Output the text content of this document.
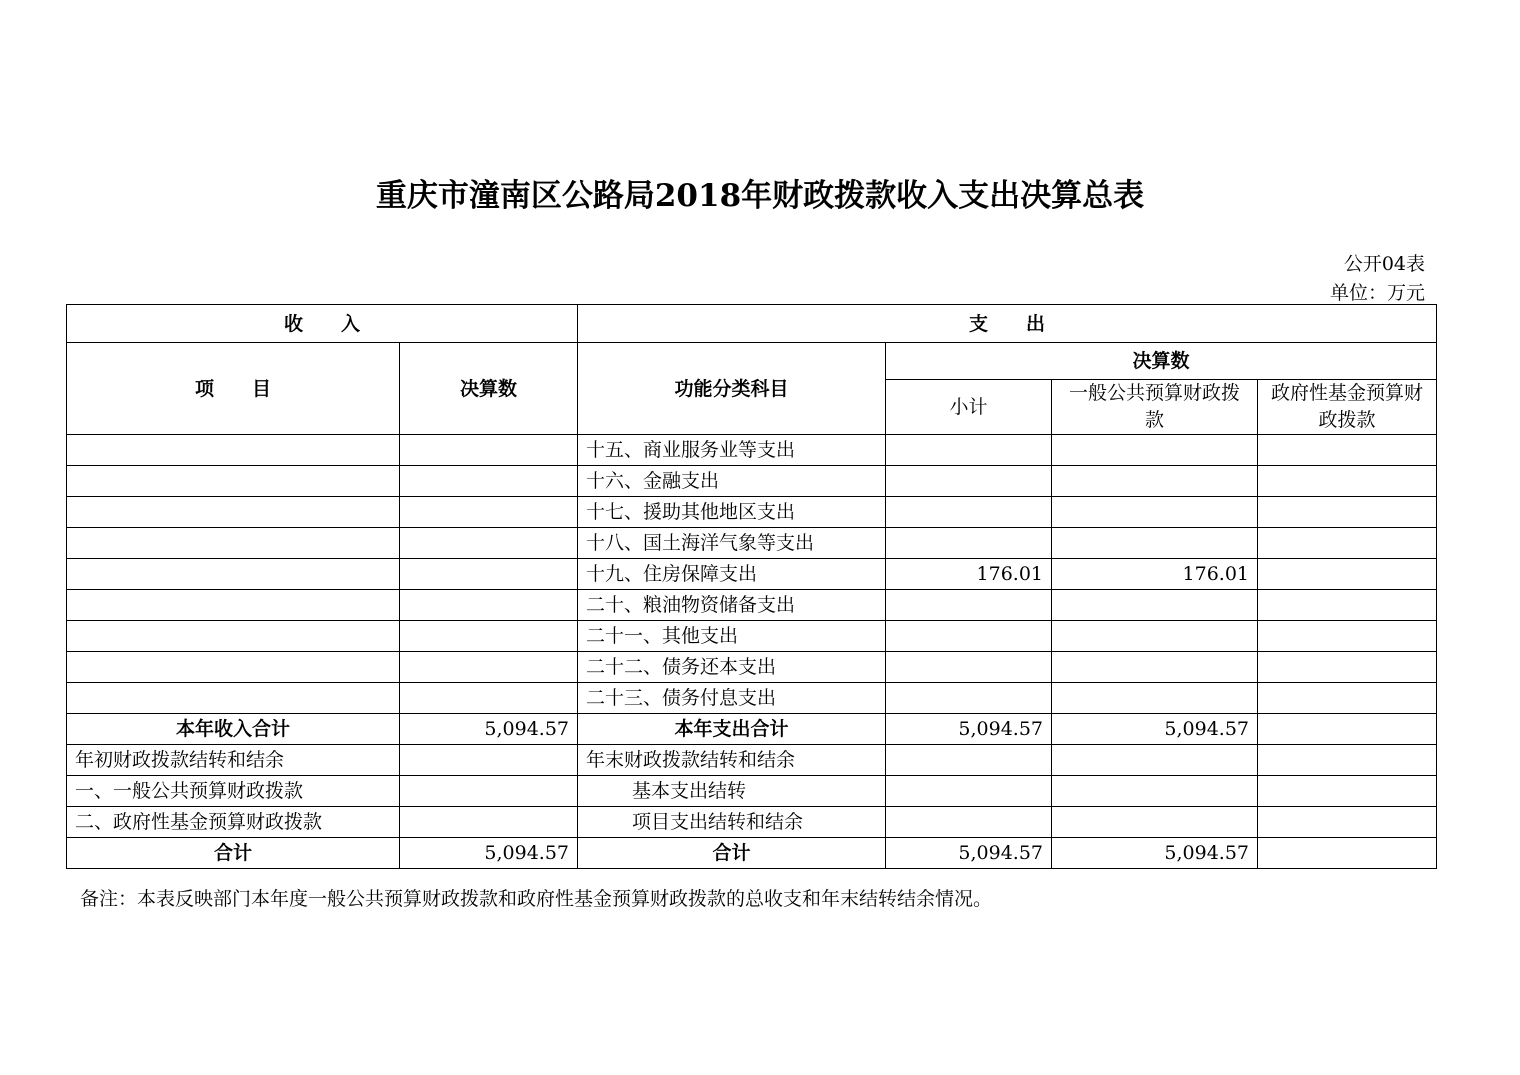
重庆市潼南区公路局2018年财政拨款收入支出决算总表
公开04表
单位：万元
收　　入		支　　出			
项　　目	决算数	功能分类科目	决算数		
			小计	一般公共预算财政拨款	政府性基金预算财政拨款
		十五、商业服务业等支出			
		十六、金融支出			
		十七、援助其他地区支出			
		十八、国土海洋气象等支出			
		十九、住房保障支出	176.01	176.01	
		二十、粮油物资储备支出			
		二十一、其他支出			
		二十二、债务还本支出			
		二十三、债务付息支出			
本年收入合计	5,094.57	本年支出合计	5,094.57	5,094.57	
年初财政拨款结转和结余		年末财政拨款结转和结余			
一、一般公共预算财政拨款		基本支出结转			
二、政府性基金预算财政拨款		项目支出结转和结余			
合计	5,094.57	合计	5,094.57	5,094.57	
备注：本表反映部门本年度一般公共预算财政拨款和政府性基金预算财政拨款的总收支和年末结转结余情况。
